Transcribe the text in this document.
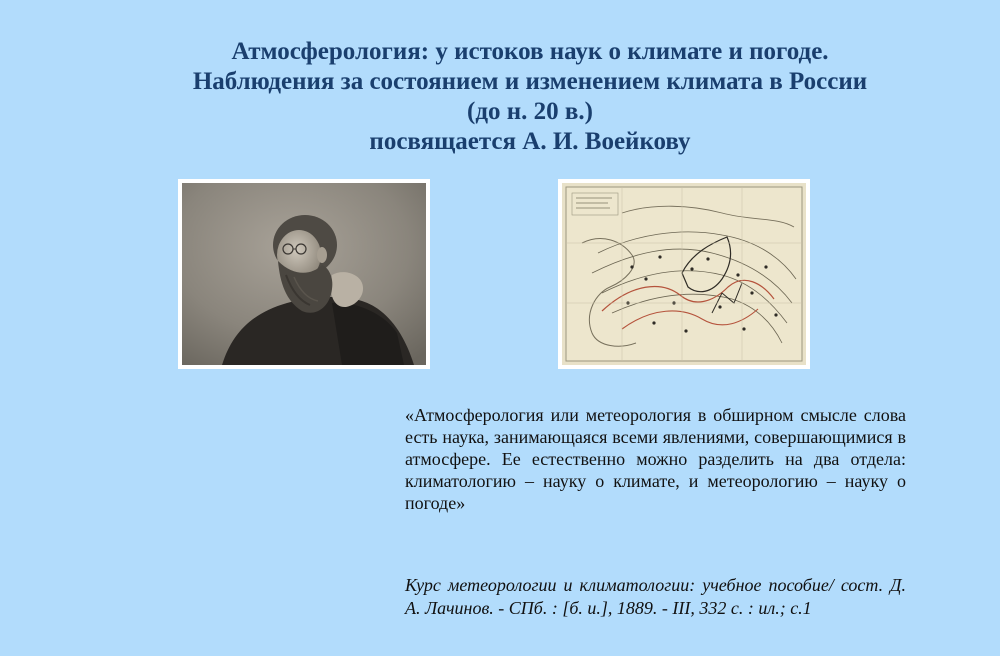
Атмосферология: у истоков наук о климате и погоде.
Наблюдения за состоянием и изменением климата в России
(до н. 20 в.)
посвящается А. И. Воейкову
«Атмосферология или метеорология в обширном смысле слова есть наука, занимающаяся всеми явлениями, совершающимися в атмосфере. Ее естественно можно разделить на два отдела: климатологию – науку о климате, и метеорологию – науку о погоде»
Курс метеорологии и климатологии: учебное пособие/ сост. Д. А. Лачинов. - СПб. : [б. и.], 1889. - III, 332 с. : ил.; с.1
